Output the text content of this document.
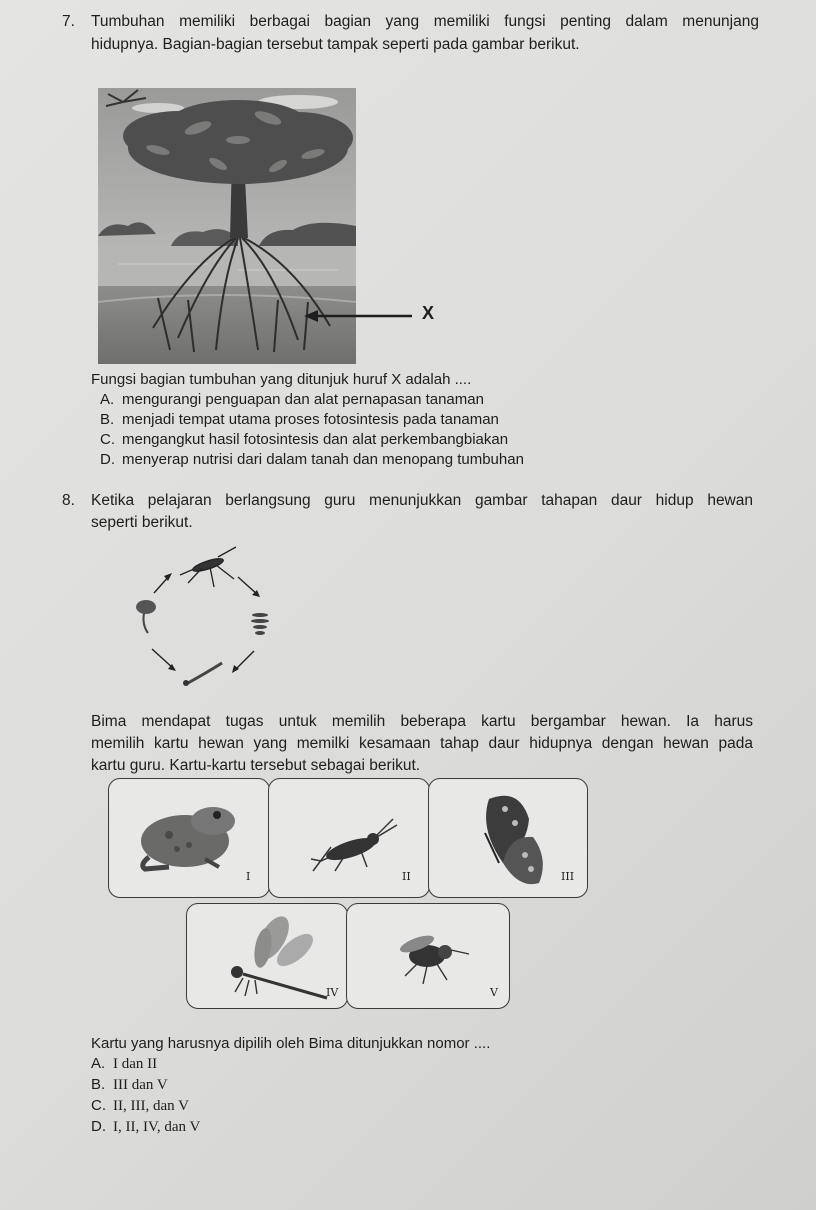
7. Tumbuhan memiliki berbagai bagian yang memiliki fungsi penting dalam menunjang
hidupnya. Bagian-bagian tersebut tampak seperti pada gambar berikut.
X
Fungsi bagian tumbuhan yang ditunjuk huruf X adalah ....
A. mengurangi penguapan dan alat pernapasan tanaman
B. menjadi tempat utama proses fotosintesis pada tanaman
C. mengangkut hasil fotosintesis dan alat perkembangbiakan
D. menyerap nutrisi dari dalam tanah dan menopang tumbuhan
8. Ketika pelajaran berlangsung guru menunjukkan gambar tahapan daur hidup hewan
seperti berikut.
Bima mendapat tugas untuk memilih beberapa kartu bergambar hewan. Ia harus
memilih kartu hewan yang memilki kesamaan tahap daur hidupnya dengan hewan pada
kartu guru. Kartu-kartu tersebut sebagai berikut.
I	II	III
IV	V
Kartu yang harusnya dipilih oleh Bima ditunjukkan nomor ....
A. I dan II
B. III dan V
C. II, III, dan V
D. I, II, IV, dan V
